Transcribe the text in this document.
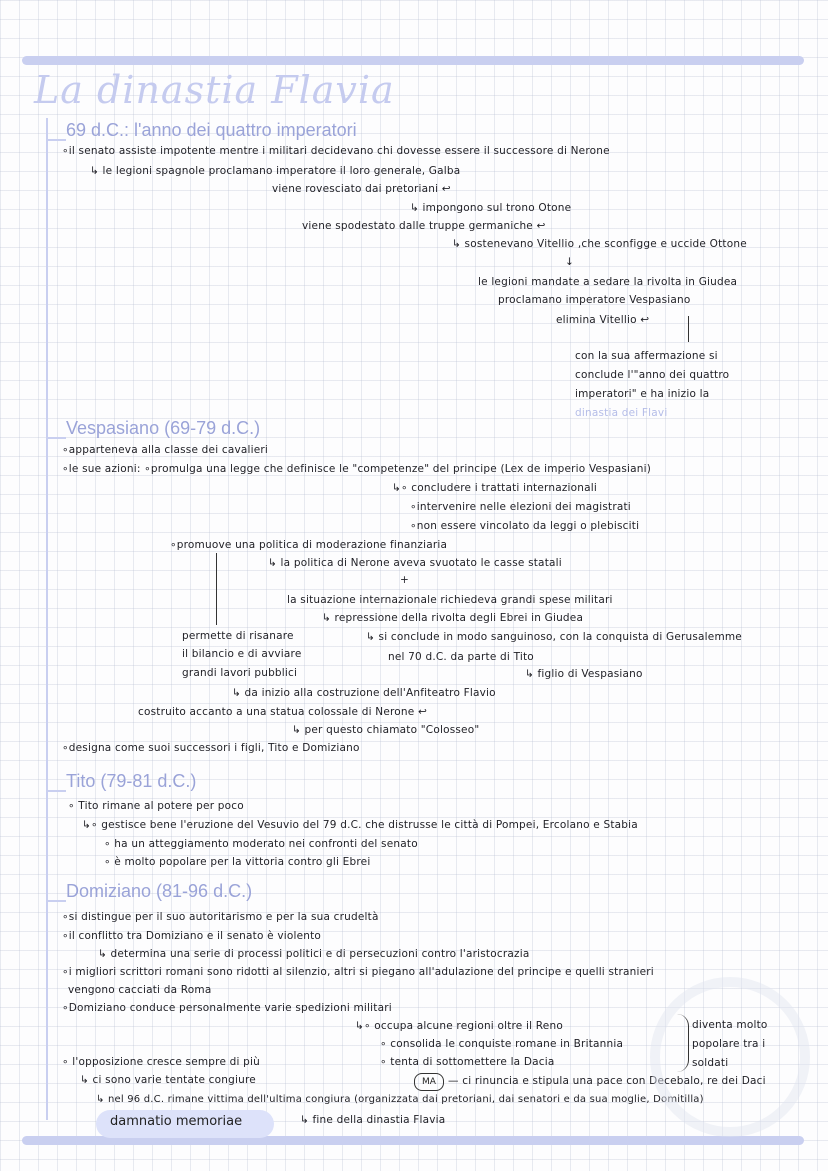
La dinastia Flavia
69 d.C.: l'anno dei quattro imperatori
Vespasiano (69-79 d.C.)
Tito (79-81 d.C.)
Domiziano (81-96 d.C.)
∘il senato assiste impotente mentre i militari decidevano chi dovesse essere il successore di Nerone
↳ le legioni spagnole proclamano imperatore il loro generale, Galba
viene rovesciato dai pretoriani ↩
↳ impongono sul trono Otone
viene spodestato dalle truppe germaniche ↩
↳ sostenevano Vitellio ,che sconfigge e uccide Ottone
↓
le legioni mandate a sedare la rivolta in Giudea
proclamano imperatore Vespasiano
elimina Vitellio ↩
con la sua affermazione si
conclude l'"anno dei quattro
imperatori" e ha inizio la
dinastia dei Flavi
∘apparteneva alla classe dei cavalieri
∘le sue azioni: ∘promulga una legge che definisce le "competenze" del principe (Lex de imperio Vespasiani)
↳∘ concludere i trattati internazionali
∘intervenire nelle elezioni dei magistrati
∘non essere vincolato da leggi o plebisciti
∘promuove una politica di moderazione finanziaria
↳ la politica di Nerone aveva svuotato le casse statali
+
la situazione internazionale richiedeva grandi spese militari
↳ repressione della rivolta degli Ebrei in Giudea
permette di risanare
il bilancio e di avviare
grandi lavori pubblici
↳ si conclude in modo sanguinoso, con la conquista di Gerusalemme
nel 70 d.C. da parte di Tito
↳ figlio di Vespasiano
↳ da inizio alla costruzione dell'Anfiteatro Flavio
costruito accanto a una statua colossale di Nerone ↩
↳ per questo chiamato "Colosseo"
∘designa come suoi successori i figli, Tito e Domiziano
∘ Tito rimane al potere per poco
↳∘ gestisce bene l'eruzione del Vesuvio del 79 d.C. che distrusse le città di Pompei, Ercolano e Stabia
∘ ha un atteggiamento moderato nei confronti del senato
∘ è molto popolare per la vittoria contro gli Ebrei
∘si distingue per il suo autoritarismo e per la sua crudeltà
∘il conflitto tra Domiziano e il senato è violento
↳ determina una serie di processi politici e di persecuzioni contro l'aristocrazia
∘i migliori scrittori romani sono ridotti al silenzio, altri si piegano all'adulazione del principe e quelli stranieri
vengono cacciati da Roma
∘Domiziano conduce personalmente varie spedizioni militari
↳∘ occupa alcune regioni oltre il Reno
∘ consolida le conquiste romane in Britannia
∘ tenta di sottomettere la Dacia
diventa molto
popolare tra i
soldati
∘ l'opposizione cresce sempre di più
↳ ci sono varie tentate congiure	MA	— ci rinuncia e stipula una pace con Decebalo, re dei Daci
↳ nel 96 d.C. rimane vittima dell'ultima congiura (organizzata dai pretoriani, dai senatori e da sua moglie, Domitilla)
damnatio memoriae	↳ fine della dinastia Flavia
